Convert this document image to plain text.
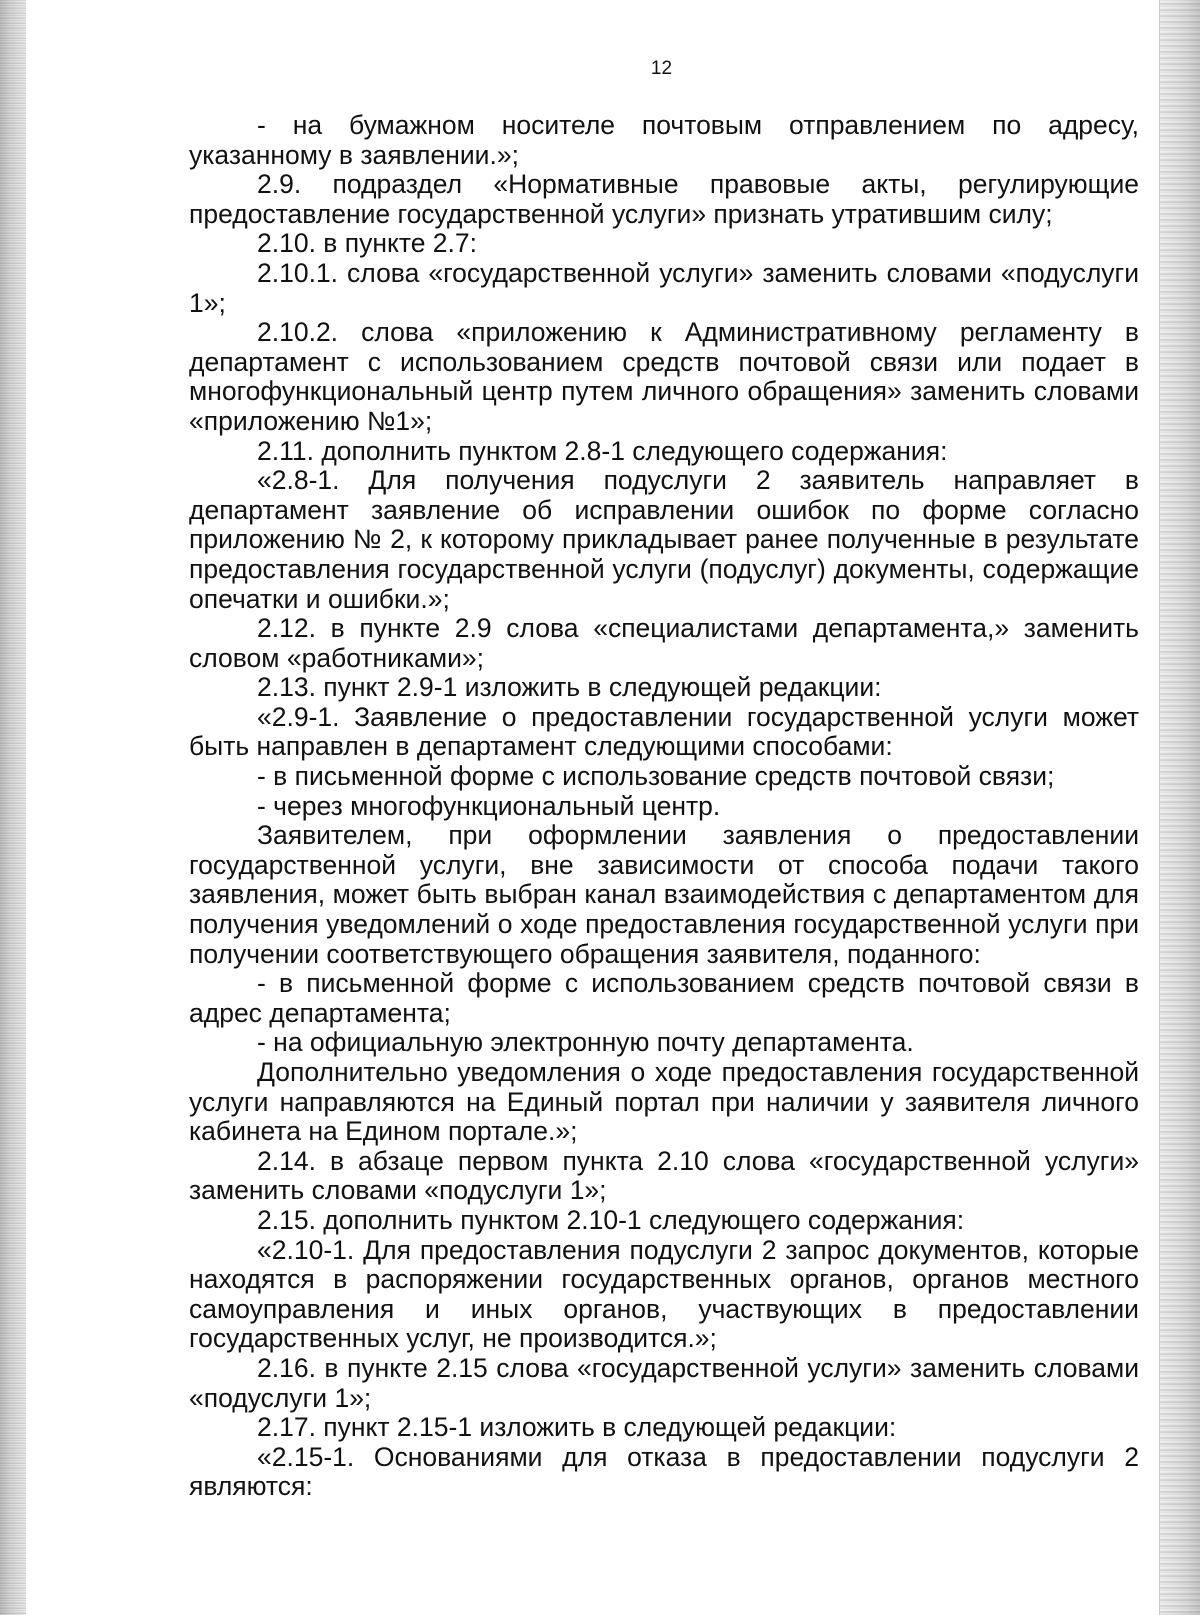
12

- на бумажном носителе почтовым отправлением по адресу, указанному в заявлении.»;

2.9. подраздел «Нормативные правовые акты, регулирующие предоставление государственной услуги» признать утратившим силу;

2.10. в пункте 2.7:

2.10.1. слова «государственной услуги» заменить словами «подуслуги 1»;

2.10.2. слова «приложению к Административному регламенту в департамент с использованием средств почтовой связи или подает в многофункциональный центр путем личного обращения» заменить словами «приложению №1»;

2.11. дополнить пунктом 2.8-1 следующего содержания:

«2.8-1. Для получения подуслуги 2 заявитель направляет в департамент заявление об исправлении ошибок по форме согласно приложению № 2, к которому прикладывает ранее полученные в результате предоставления государственной услуги (подуслуг) документы, содержащие опечатки и ошибки.»;

2.12. в пункте 2.9 слова «специалистами департамента,» заменить словом «работниками»;

2.13. пункт 2.9-1 изложить в следующей редакции:

«2.9-1. Заявление о предоставлении государственной услуги может быть направлен в департамент следующими способами:

- в письменной форме с использование средств почтовой связи;

- через многофункциональный центр.

Заявителем, при оформлении заявления о предоставлении государственной услуги, вне зависимости от способа подачи такого заявления, может быть выбран канал взаимодействия с департаментом для получения уведомлений о ходе предоставления государственной услуги при получении соответствующего обращения заявителя, поданного:

- в письменной форме с использованием средств почтовой связи в адрес департамента;

- на официальную электронную почту департамента.

Дополнительно уведомления о ходе предоставления государственной услуги направляются на Единый портал при наличии у заявителя личного кабинета на Едином портале.»;

2.14. в абзаце первом пункта 2.10 слова «государственной услуги» заменить словами «подуслуги 1»;

2.15. дополнить пунктом 2.10-1 следующего содержания:

«2.10-1. Для предоставления подуслуги 2 запрос документов, которые находятся в распоряжении государственных органов, органов местного самоуправления и иных органов, участвующих в предоставлении государственных услуг, не производится.»;

2.16. в пункте 2.15 слова «государственной услуги» заменить словами «подуслуги 1»;

2.17. пункт 2.15-1 изложить в следующей редакции:

«2.15-1. Основаниями для отказа в предоставлении подуслуги 2 являются:
